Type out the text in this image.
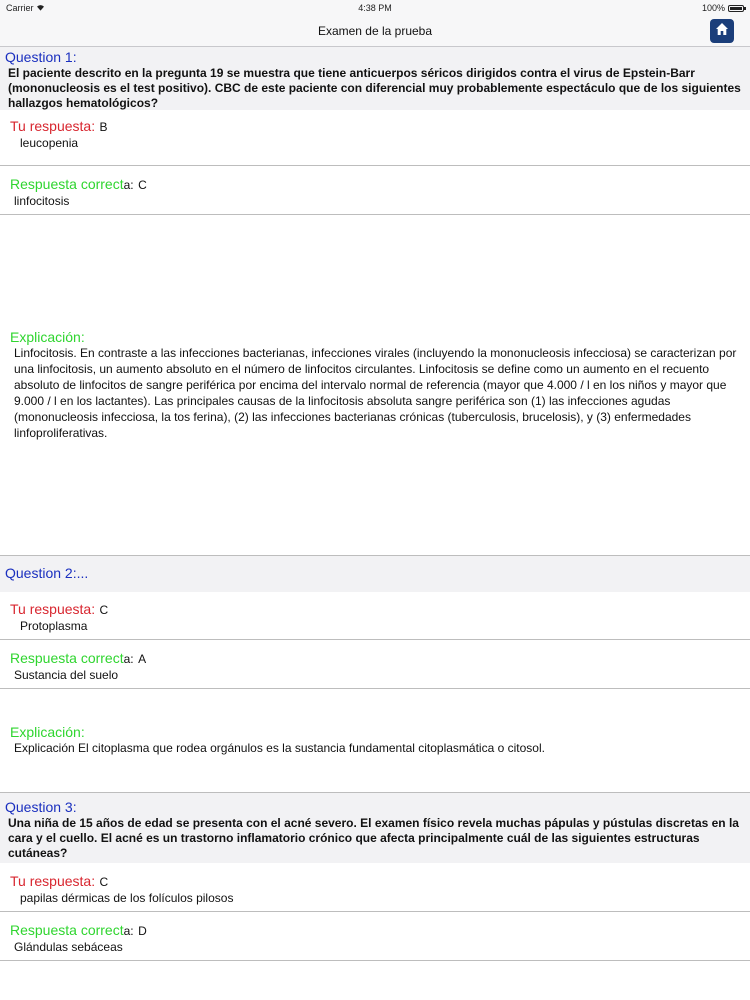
Carrier	4:38 PM	100%
Examen de la prueba
Question 1:
El paciente descrito en la pregunta 19 se muestra que tiene anticuerpos séricos dirigidos contra el virus de Epstein-Barr (mononucleosis es el test positivo). CBC de este paciente con diferencial muy probablemente espectáculo que de los siguientes hallazgos hematológicos?
Tu respuesta: B
leucopenia
Respuesta correcta: C
linfocitosis
Explicación:
Linfocitosis. En contraste a las infecciones bacterianas, infecciones virales (incluyendo la mononucleosis infecciosa) se caracterizan por una linfocitosis, un aumento absoluto en el número de linfocitos circulantes. Linfocitosis se define como un aumento en el recuento absoluto de linfocitos de sangre periférica por encima del intervalo normal de referencia (mayor que 4.000 / l en los niños y mayor que 9.000 / l en los lactantes). Las principales causas de la linfocitosis absoluta sangre periférica son (1) las infecciones agudas (mononucleosis infecciosa, la tos ferina), (2) las infecciones bacterianas crónicas (tuberculosis, brucelosis), y (3) enfermedades linfoproliferativas.
Question 2:...
Tu respuesta: C
Protoplasma
Respuesta correcta: A
Sustancia del suelo
Explicación:
Explicación El citoplasma que rodea orgánulos es la sustancia fundamental citoplasmática o citosol.
Question 3:
Una niña de 15 años de edad se presenta con el acné severo. El examen físico revela muchas pápulas y pústulas discretas en la cara y el cuello. El acné es un trastorno inflamatorio crónico que afecta principalmente cuál de las siguientes estructuras cutáneas?
Tu respuesta: C
papilas dérmicas de los folículos pilosos
Respuesta correcta: D
Glándulas sebáceas
